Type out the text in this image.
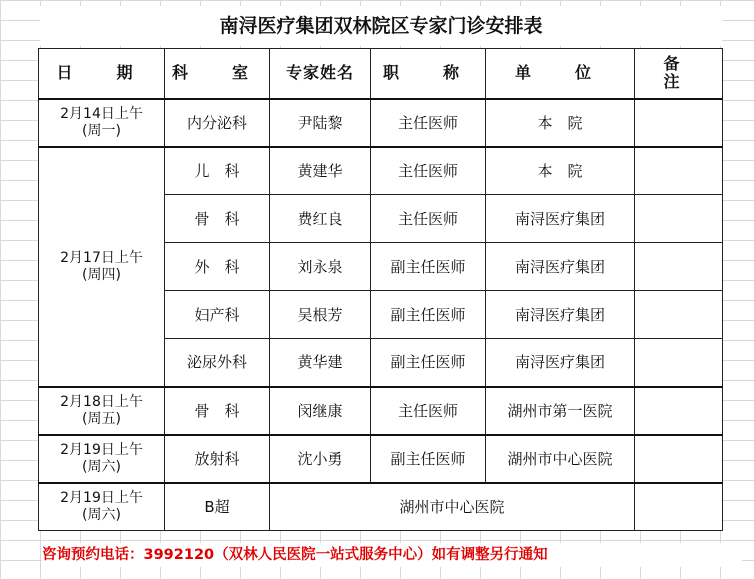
南浔医疗集团双林院区专家门诊安排表
日　期	科　室	专家姓名	职　称	单　位	备　注

2月14日上午
(周一)	内分泌科	尹陆黎	主任医师	本　院	

2月17日上午
(周四)	儿　科	黄建华	主任医师	本　院	
	骨　科	费红良	主任医师	南浔医疗集团	
	外　科	刘永泉	副主任医师	南浔医疗集团	
	妇产科	吴根芳	副主任医师	南浔医疗集团	
	泌尿外科	黄华建	副主任医师	南浔医疗集团	

2月18日上午
(周五)	骨　科	闵继康	主任医师	湖州市第一医院	

2月19日上午
(周六)	放射科	沈小勇	副主任医师	湖州市中心医院	

2月19日上午
(周六)	B超	湖州市中心医院			
咨询预约电话：3992120（双林人民医院一站式服务中心）如有调整另行通知
